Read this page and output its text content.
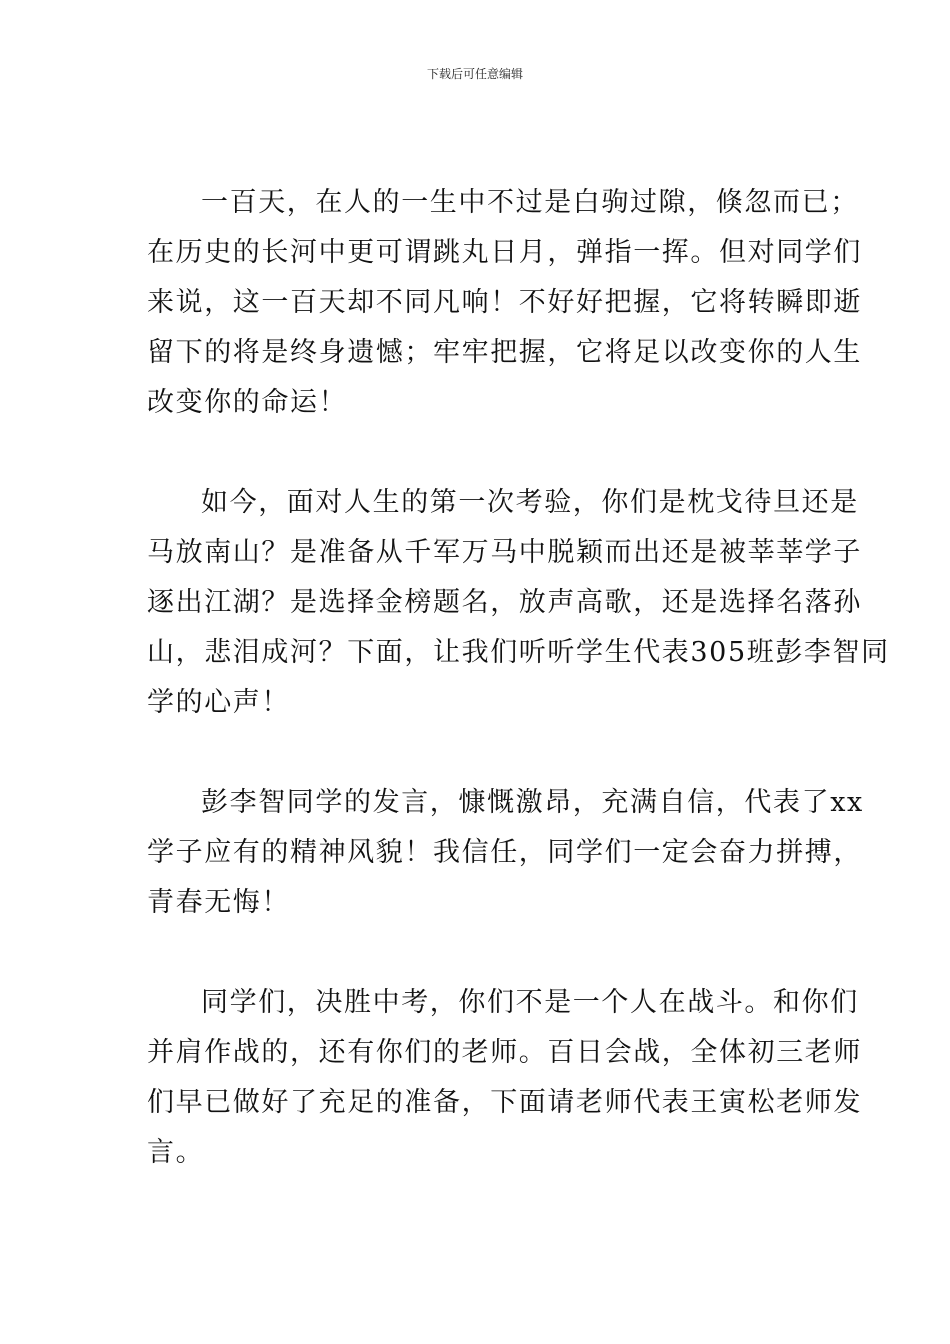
下载后可任意编辑
一百天，在人的一生中不过是白驹过隙，倏忽而已；
在历史的长河中更可谓跳丸日月，弹指一挥。但对同学们
来说，这一百天却不同凡响！不好好把握，它将转瞬即逝
留下的将是终身遗憾；牢牢把握，它将足以改变你的人生
改变你的命运！
如今，面对人生的第一次考验，你们是枕戈待旦还是
马放南山？是准备从千军万马中脱颖而出还是被莘莘学子
逐出江湖？是选择金榜题名，放声高歌，还是选择名落孙
山，悲泪成河？下面，让我们听听学生代表305班彭李智同
学的心声！
彭李智同学的发言，慷慨激昂，充满自信，代表了xx
学子应有的精神风貌！我信任，同学们一定会奋力拼搏，
青春无悔！
同学们，决胜中考，你们不是一个人在战斗。和你们
并肩作战的，还有你们的老师。百日会战，全体初三老师
们早已做好了充足的准备，下面请老师代表王寅松老师发
言。
